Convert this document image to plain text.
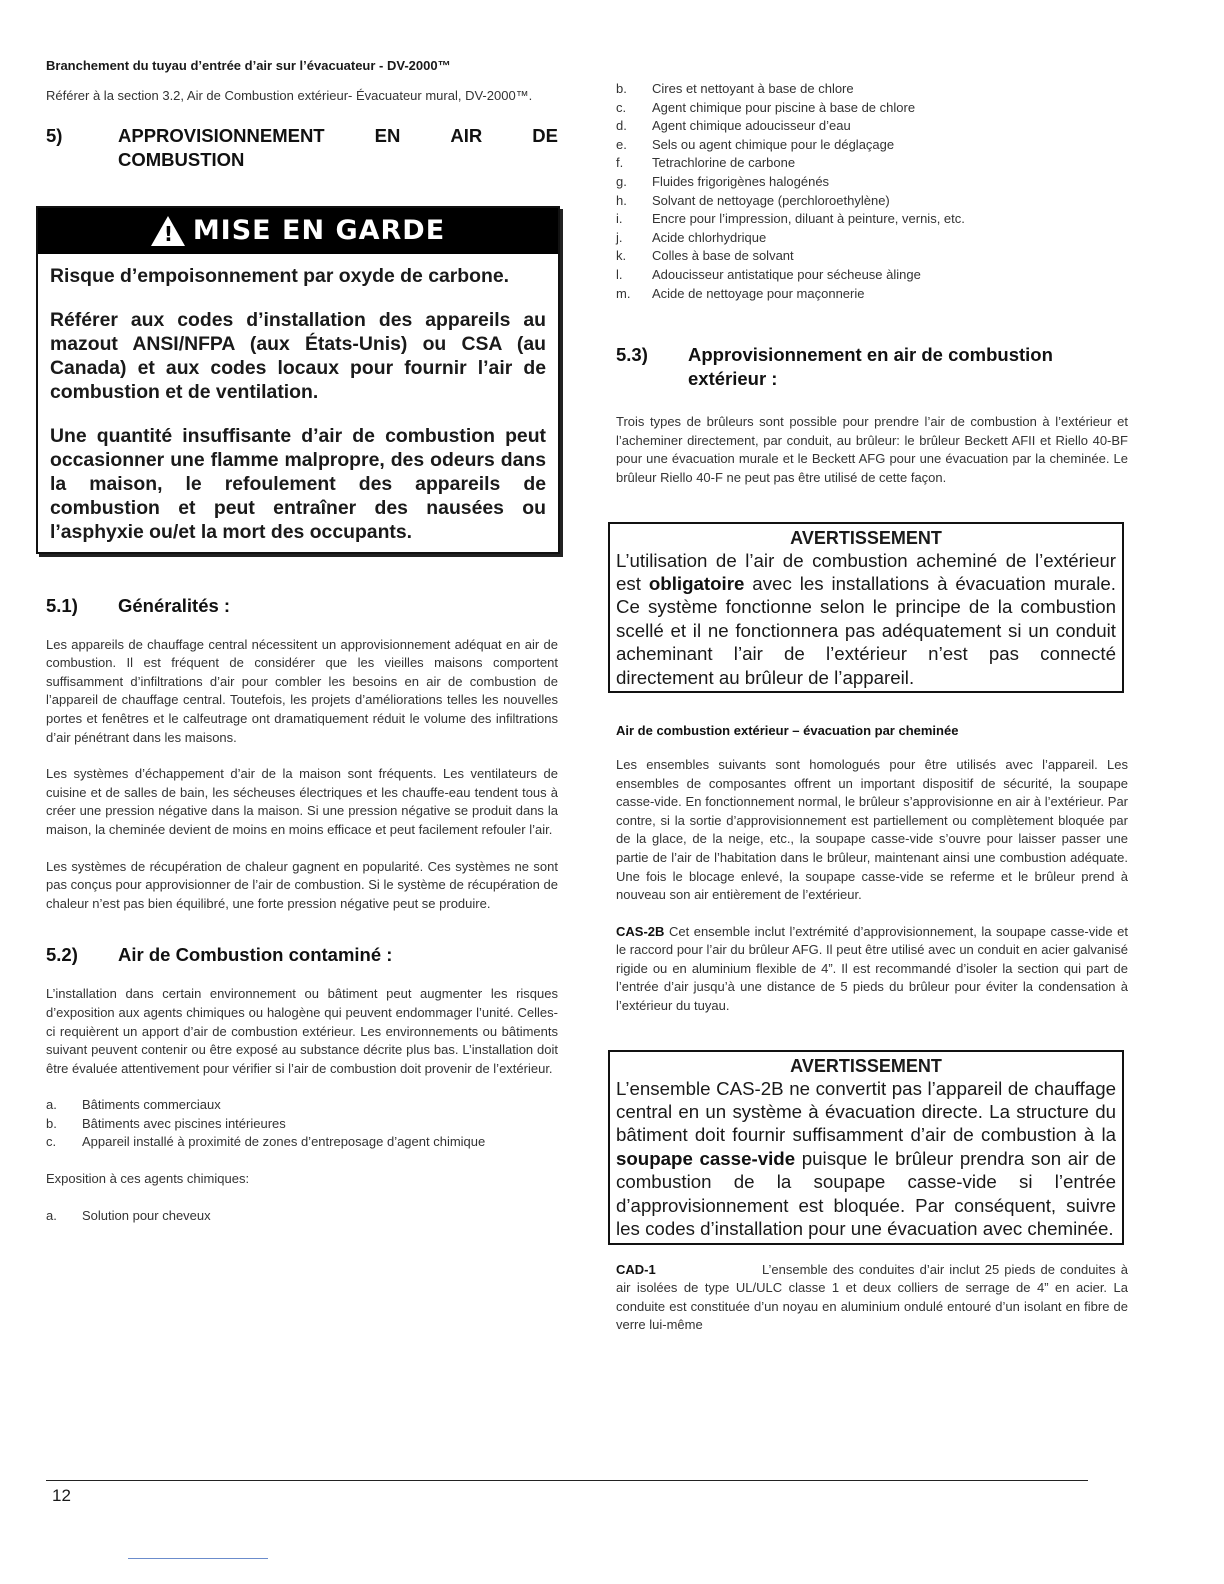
Branchement du tuyau d’entrée d’air sur l’évacuateur - DV-2000™

Référer à la section 3.2, Air de Combustion extérieur- Évacuateur mural, DV-2000™.

5)	APPROVISIONNEMENT	EN	AIR	DE
COMBUSTION
!
MISE EN GARDE

Risque d’empoisonnement par oxyde de carbone.

Référer aux codes d’installation des appareils au mazout ANSI/NFPA (aux États-Unis) ou CSA (au Canada) et aux codes locaux pour fournir l’air de combustion et de ventilation.

Une quantité insuffisante d’air de combustion peut occasionner une flamme malpropre, des odeurs dans la maison, le refoulement des appareils de combustion et peut entraîner des nausées ou l’asphyxie ou/et la mort des occupants.

5.1)	Généralités :

Les appareils de chauffage central nécessitent un approvisionnement adéquat en air de combustion. Il est fréquent de considérer que les vieilles maisons comportent suffisamment d’infiltrations d’air pour combler les besoins en air de combustion de l’appareil de chauffage central. Toutefois, les projets d’améliorations telles les nouvelles portes et fenêtres et le calfeutrage ont dramatiquement réduit le volume des infiltrations d’air pénétrant dans les maisons.

Les systèmes d’échappement d’air de la maison sont fréquents. Les ventilateurs de cuisine et de salles de bain, les sécheuses électriques et les chauffe-eau tendent tous à créer une pression négative dans la maison. Si une pression négative se produit dans la maison, la cheminée devient de moins en moins efficace et peut facilement refouler l’air.

Les systèmes de récupération de chaleur gagnent en popularité. Ces systèmes ne sont pas conçus pour approvisionner de l’air de combustion. Si le système de récupération de chaleur n’est pas bien équilibré, une forte pression négative peut se produire.

5.2)	Air de Combustion contaminé :

L’installation dans certain environnement ou bâtiment peut augmenter les risques d’exposition aux agents chimiques ou halogène qui peuvent endommager l’unité. Celles-ci requièrent un apport d’air de combustion extérieur. Les environnements ou bâtiments suivant peuvent contenir ou être exposé au substance décrite plus bas. L’installation doit être évaluée attentivement pour vérifier si l’air de combustion doit provenir de l’extérieur.

a.	Bâtiments commerciaux
b.	Bâtiments avec piscines intérieures
c.	Appareil installé à proximité de zones d’entreposage d’agent chimique

Exposition à ces agents chimiques:

a.	Solution pour cheveux
b.	Cires et nettoyant à base de chlore
c.	Agent chimique pour piscine à base de chlore
d.	Agent chimique adoucisseur d’eau
e.	Sels ou agent chimique pour le déglaçage
f.	Tetrachlorine de carbone
g.	Fluides frigorigènes halogénés
h.	Solvant de nettoyage (perchloroethylène)
i.	Encre pour l’impression, diluant à peinture, vernis, etc.
j.	Acide chlorhydrique
k.	Colles à base de solvant
l.	Adoucisseur antistatique pour sécheuse àlinge
m.	Acide de nettoyage pour maçonnerie
5.3)	Approvisionnement en air de combustion extérieur :

Trois types de brûleurs sont possible pour prendre l’air de combustion à l’extérieur et l’acheminer directement, par conduit, au brûleur: le brûleur Beckett AFII et Riello 40-BF pour une évacuation murale et le Beckett AFG pour une évacuation par la cheminée. Le brûleur Riello 40-F ne peut pas être utilisé de cette façon.

AVERTISSEMENT

L’utilisation de l’air de combustion acheminé de l’extérieur est obligatoire avec les installations à évacuation murale. Ce système fonctionne selon le principe de la combustion scellé et il ne fonctionnera pas adéquatement si un conduit acheminant l’air de l’extérieur n’est pas connecté directement au brûleur de l’appareil.

Air de combustion extérieur – évacuation par cheminée

Les ensembles suivants sont homologués pour être utilisés avec l’appareil. Les ensembles de composantes offrent un important dispositif de sécurité, la soupape casse-vide. En fonctionnement normal, le brûleur s’approvisionne en air à l’extérieur. Par contre, si la sortie d’approvisionnement est partiellement ou complètement bloquée par de la glace, de la neige, etc., la soupape casse-vide s’ouvre pour laisser passer une partie de l’air de l’habitation dans le brûleur, maintenant ainsi une combustion adéquate. Une fois le blocage enlevé, la soupape casse-vide se referme et le brûleur prend à nouveau son air entièrement de l’extérieur.

CAS-2B Cet ensemble inclut l’extrémité d’approvisionnement, la soupape casse-vide et le raccord pour l’air du brûleur AFG. Il peut être utilisé avec un conduit en acier galvanisé rigide ou en aluminium flexible de 4”. Il est recommandé d’isoler la section qui part de l’entrée d’air jusqu’à une distance de 5 pieds du brûleur pour éviter la condensation à l’extérieur du tuyau.

AVERTISSEMENT

L’ensemble CAS-2B ne convertit pas l’appareil de chauffage central en un système à évacuation directe. La structure du bâtiment doit fournir suffisamment d’air de combustion à la soupape casse-vide puisque le brûleur prendra son air de combustion de la soupape casse-vide si l’entrée d’approvisionnement est bloquée. Par conséquent, suivre les codes d’installation pour une évacuation avec cheminée.

CAD-1	L’ensemble des conduites d’air inclut 25 pieds de conduites à air isolées de type UL/ULC classe 1 et deux colliers de serrage de 4” en acier. La conduite est constituée d’un noyau en aluminium ondulé entouré d’un isolant en fibre de verre lui-même

12
